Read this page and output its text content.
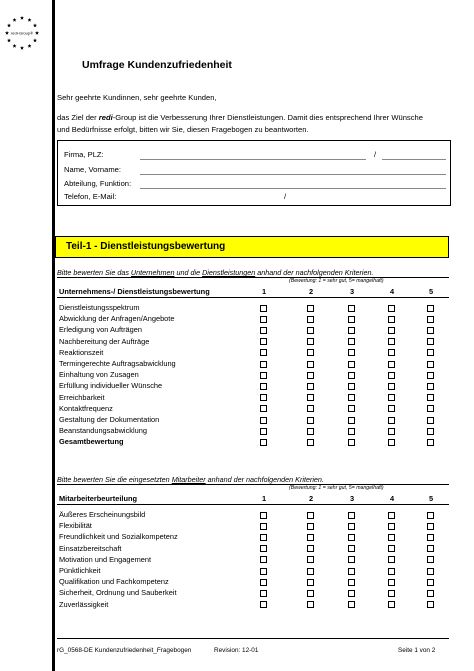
redi-Group®
Umfrage Kundenzufriedenheit
Sehr geehrte Kundinnen, sehr geehrte Kunden,
das Ziel der redi-Group ist die Verbesserung Ihrer Dienstleistungen. Damit dies entsprechend Ihrer Wünsche
und Bedürfnisse erfolgt, bitten wir Sie, diesen Fragebogen zu beantworten.
Firma, PLZ:	/
Name, Vorname:
Abteilung, Funktion:
Telefon, E-Mail:	/
Teil-1 - Dienstleistungsbewertung
Bitte bewerten Sie das Unternehmen und die Dienstleistungen anhand der nachfolgenden Kriterien.
(Bewertung: 1 = sehr gut, 5= mangelhaft)
Unternehmens-/ Dienstleistungsbewertung	1	2	3	4	5
Dienstleistungsspektrum
Abwicklung der Anfragen/Angebote
Erledigung von Aufträgen
Nachbereitung der Aufträge
Reaktionszeit
Termingerechte Auftragsabwicklung
Einhaltung von Zusagen
Erfüllung individueller Wünsche
Erreichbarkeit
Kontaktfrequenz
Gestaltung der Dokumentation
Beanstandungsabwicklung
Gesamtbewertung
Bitte bewerten Sie die eingesetzten Mitarbeiter anhand der nachfolgenden Kriterien.
(Bewertung: 1 = sehr gut, 5= mangelhaft)
Mitarbeiterbeurteilung	1	2	3	4	5
Äußeres Erscheinungsbild
Flexibilität
Freundlichkeit und Sozialkompetenz
Einsatzbereitschaft
Motivation und Engagement
Pünktlichkeit
Qualifikation und Fachkompetenz
Sicherheit, Ordnung und Sauberkeit
Zuverlässigkeit
rG_0568-DE Kundenzufriedenheit_Fragebogen	Revision: 12-01	Seite 1 von 2
